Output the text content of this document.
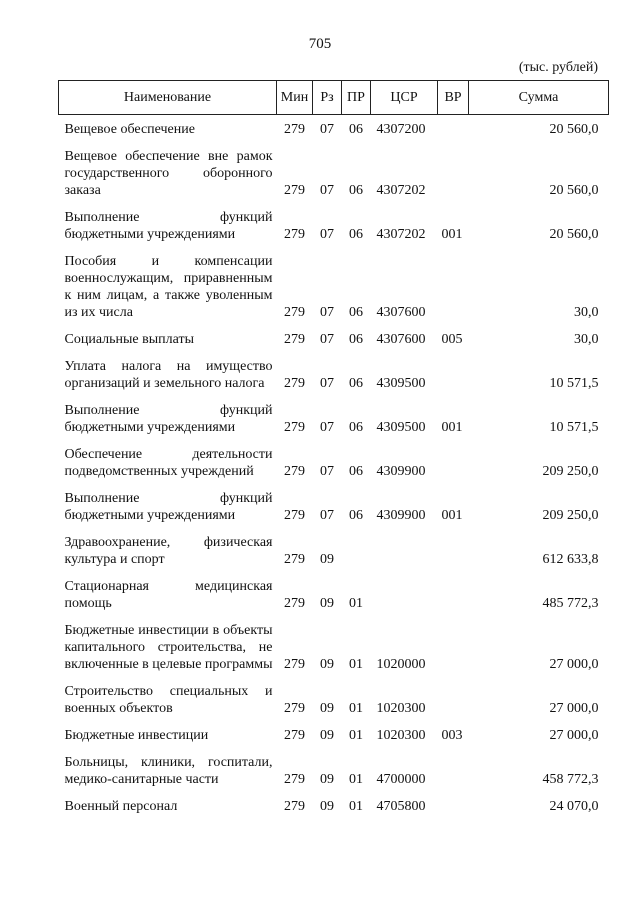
705
(тыс. рублей)
Наименование	Мин	Рз	ПР	ЦСР	ВР	Сумма
Вещевое обеспечение	279	07	06	4307200		20 560,0
Вещевое обеспечение вне рамок государственного оборонного заказа	279	07	06	4307202		20 560,0
Выполнение функций бюджетными учреждениями	279	07	06	4307202	001	20 560,0
Пособия и компенсации военнослужащим, приравненным к ним лицам, а также уволенным из их числа	279	07	06	4307600		30,0
Социальные выплаты	279	07	06	4307600	005	30,0
Уплата налога на имущество организаций и земельного налога	279	07	06	4309500		10 571,5
Выполнение функций бюджетными учреждениями	279	07	06	4309500	001	10 571,5
Обеспечение деятельности подведомственных учреждений	279	07	06	4309900		209 250,0
Выполнение функций бюджетными учреждениями	279	07	06	4309900	001	209 250,0
Здравоохранение, физическая культура и спорт	279	09				612 633,8
Стационарная медицинская помощь	279	09	01			485 772,3
Бюджетные инвестиции в объекты капитального строительства, не включенные в целевые программы	279	09	01	1020000		27 000,0
Строительство специальных и военных объектов	279	09	01	1020300		27 000,0
Бюджетные инвестиции	279	09	01	1020300	003	27 000,0
Больницы, клиники, госпитали, медико-санитарные части	279	09	01	4700000		458 772,3
Военный персонал	279	09	01	4705800		24 070,0
